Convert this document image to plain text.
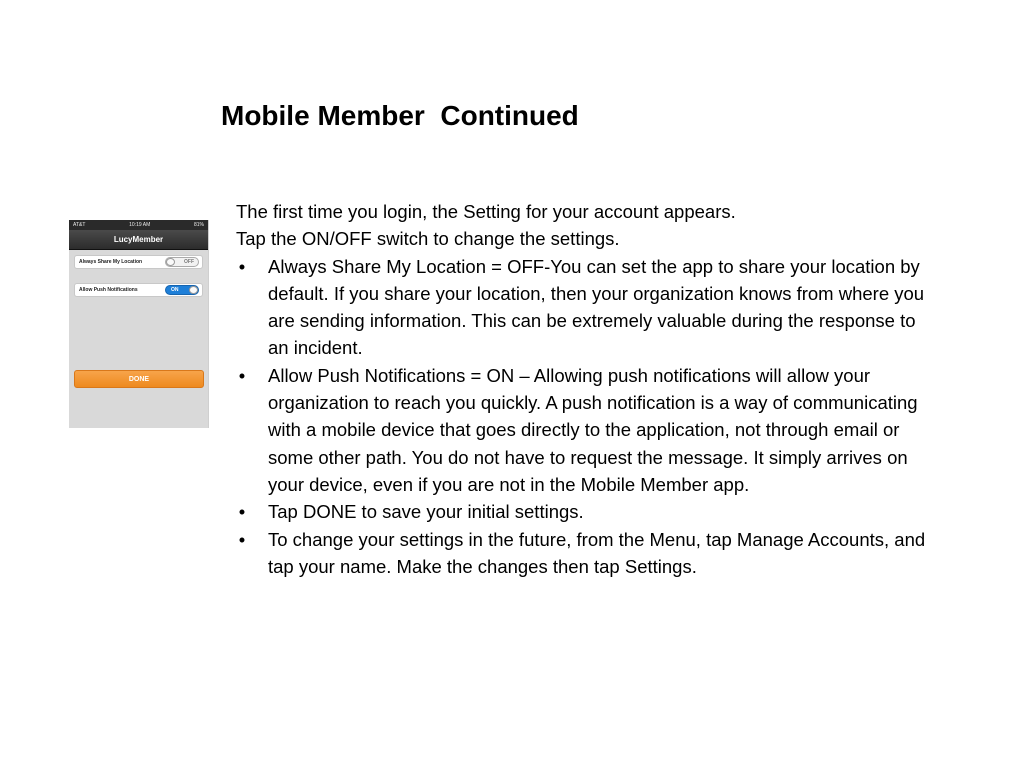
Mobile Member  Continued
AT&T	10:19 AM	81%
LucyMember
Always Share My Location	OFF
Allow Push Notifications	ON
DONE

The first time you login, the Setting for your account appears.

Tap the ON/OFF switch to change the settings.

• Always Share My Location = OFF-You can set the app to share your location by default. If you share your location, then your organization knows from where you are sending information. This can be extremely valuable during the response to an incident.
• Allow Push Notifications = ON – Allowing push notifications will allow your organization to reach you quickly. A push notification is a way of communicating with a mobile device that goes directly to the application, not through email or some other path. You do not have to request the message. It simply arrives on your device, even if you are not in the Mobile Member app.
• Tap DONE to save your initial settings.
• To change your settings in the future, from the Menu, tap Manage Accounts, and tap your name. Make the changes then tap Settings.
